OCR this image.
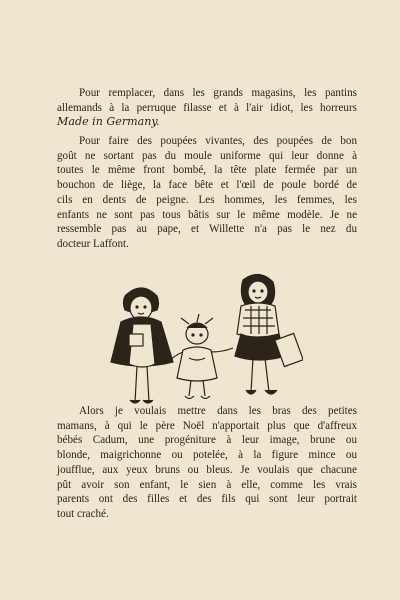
Pour remplacer, dans les grands magasins, les pantins
allemands à la perruque filasse et à l'air idiot, les horreurs
Made in Germany.

Pour faire des poupées vivantes, des poupées de bon
goût ne sortant pas du moule uniforme qui leur donne à
toutes le même front bombé, la tête plate fermée par un
bouchon de liège, la face bête et l'œil de poule bordé de
cils en dents de peigne. Les hommes, les femmes, les
enfants ne sont pas tous bâtis sur le même modèle. Je ne
ressemble pas au pape, et Willette n'a pas le nez du
docteur Laffont.

Alors je voulais mettre dans les bras des petites
mamans, à qui le père Noël n'apportait plus que d'affreux
bébés Cadum, une progéniture à leur image, brune ou
blonde, maigrichonne ou potelée, à la figure mince ou
joufflue, aux yeux bruns ou bleus. Je voulais que chacune
pût avoir son enfant, le sien à elle, comme les vrais
parents ont des filles et des fils qui sont leur portrait
tout craché.
